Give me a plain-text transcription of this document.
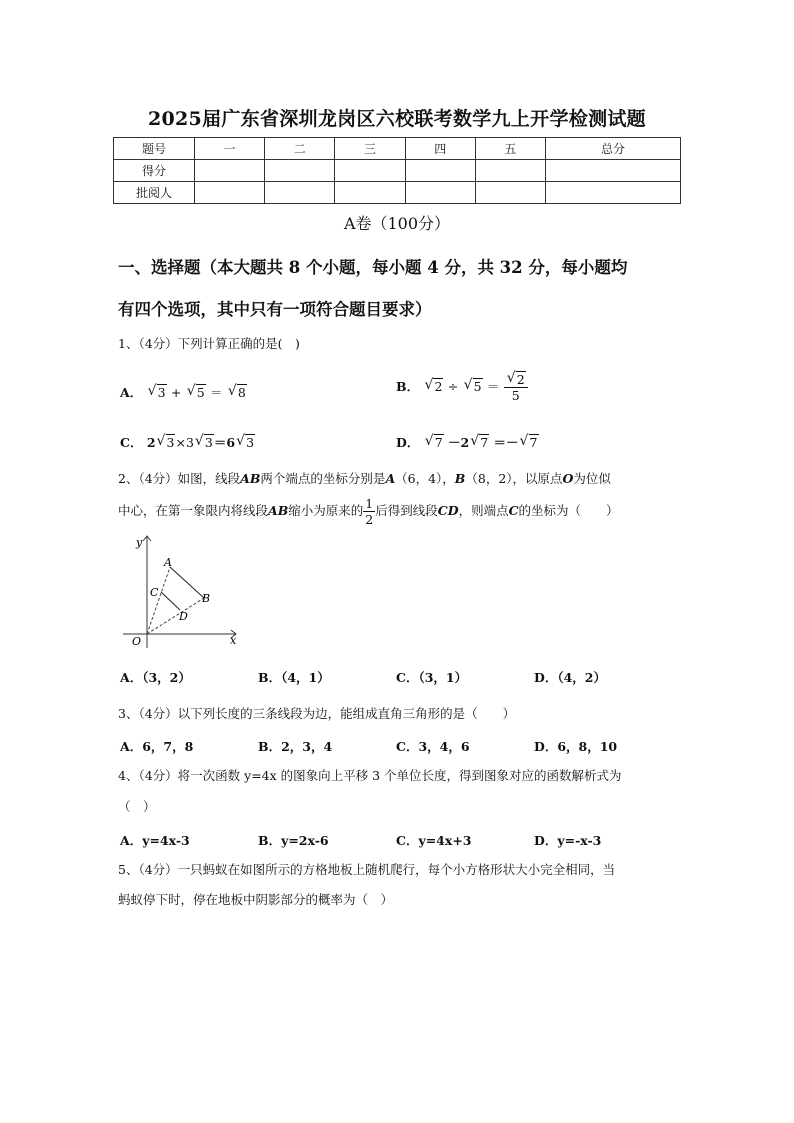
2025届广东省深圳龙岗区六校联考数学九上开学检测试题
题号	一	二	三	四	五	总分
得分						
批阅人						
A卷（100分）
一、选择题（本大题共 8 个小题，每小题 4 分，共 32 分，每小题均
有四个选项，其中只有一项符合题目要求）
1、（4分）下列计算正确的是(　)
A． √ 3 + √ 5 ＝ √ 8	B． √ 2 ÷ √ $5 = \frac{√ 2}{5}$
C． 2 √ 3×3 √ 3＝6 √ 3	D． √ 7 －2 √ 7 ＝－ √ 7
2、（4分）如图，线段AB两个端点的坐标分别是A（6，4），B（8，2），以原点O为位似
中心，在第一象限内将线段AB缩小为原来的 $\frac{1}{2}$ 后得到线段CD，则端点C的坐标为（　　）
y
x
O
A
B
C
D
A．（3，2）	B．（4，1）	C．（3，1）	D．（4，2）
3、（4分）以下列长度的三条线段为边，能组成直角三角形的是（　　）
A．6，7，8	B．2，3，4	C．3，4，6	D．6，8，10
4、（4分）将一次函数 y=4x 的图象向上平移 3 个单位长度，得到图象对应的函数解析式为
（　）
A．y=4x-3	B．y=2x-6	C．y=4x+3	D．y=-x-3
5、（4分）一只蚂蚁在如图所示的方格地板上随机爬行，每个小方格形状大小完全相同，当
蚂蚁停下时，停在地板中阴影部分的概率为（　）
